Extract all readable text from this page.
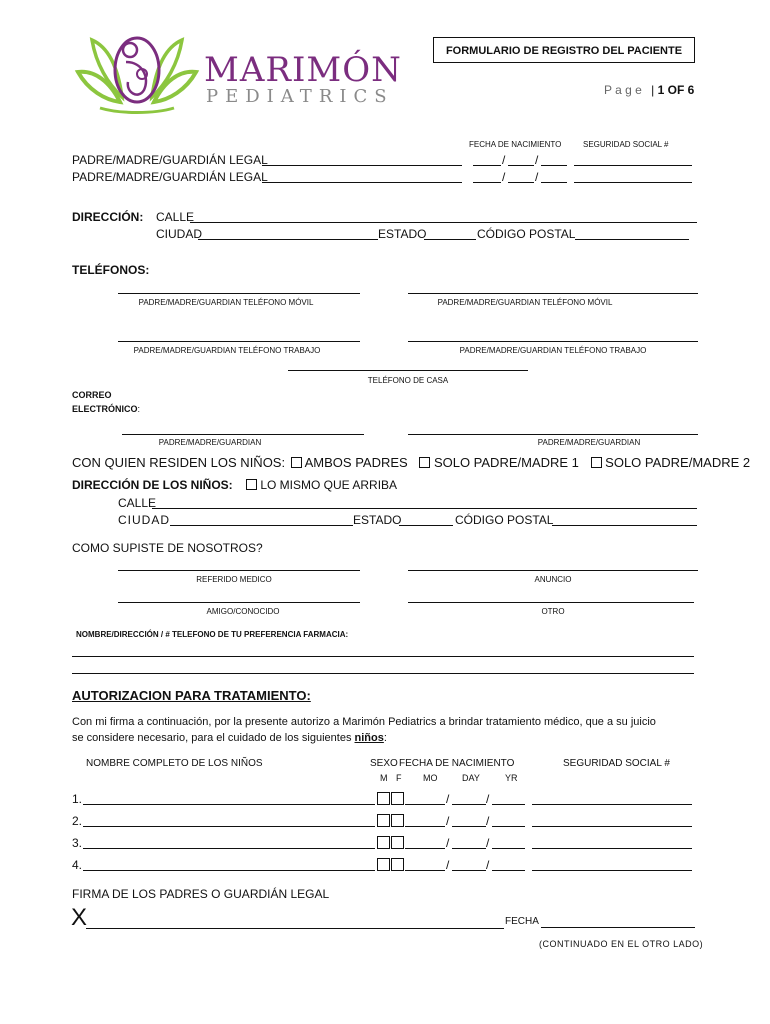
MARIMÓN
PEDIATRICS
FORMULARIO DE REGISTRO DEL PACIENTE
P a g e | 1 OF 6
FECHA DE NACIMIENTO	SEGURIDAD SOCIAL #
PADRE/MADRE/GUARDIÁN LEGAL	/ /
PADRE/MADRE/GUARDIÁN LEGAL	/ /
DIRECCIÓN: CALLE
CIUDAD	ESTADO	CÓDIGO POSTAL
TELÉFONOS:
PADRE/MADRE/GUARDIAN TELÉFONO MÓVIL	PADRE/MADRE/GUARDIAN TELÉFONO MÓVIL
PADRE/MADRE/GUARDIAN TELÉFONO TRABAJO	PADRE/MADRE/GUARDIAN TELÉFONO TRABAJO
TELÉFONO DE CASA
CORREO
ELECTRÓNICO:
PADRE/MADRE/GUARDIAN	PADRE/MADRE/GUARDIAN
CON QUIEN RESIDEN LOS NIÑOS: AMBOS PADRES SOLO PADRE/MADRE 1 SOLO PADRE/MADRE 2
DIRECCIÓN DE LOS NIÑOS:	LO MISMO QUE ARRIBA
CALLE
CIUDAD	ESTADO	CÓDIGO POSTAL
COMO SUPISTE DE NOSOTROS?
REFERIDO MEDICO	ANUNCIO
AMIGO/CONOCIDO	OTRO
NOMBRE/DIRECCIÓN / # TELEFONO DE TU PREFERENCIA FARMACIA:
AUTORIZACION PARA TRATAMIENTO:
Con mi firma a continuación, por la presente autorizo a Marimón Pediatrics a brindar tratamiento médico, que a su juicio
se considere necesario, para el cuidado de los siguientes niños:
NOMBRE COMPLETO DE LOS NIÑOS	SEXO FECHA DE NACIMIENTO	SEGURIDAD SOCIAL #
M F MO	DAY	YR
1.	/	/
2.	/	/
3.	/	/
4.	/	/
FIRMA DE LOS PADRES O GUARDIÁN LEGAL
X	FECHA
(CONTINUADO EN EL OTRO LADO)
